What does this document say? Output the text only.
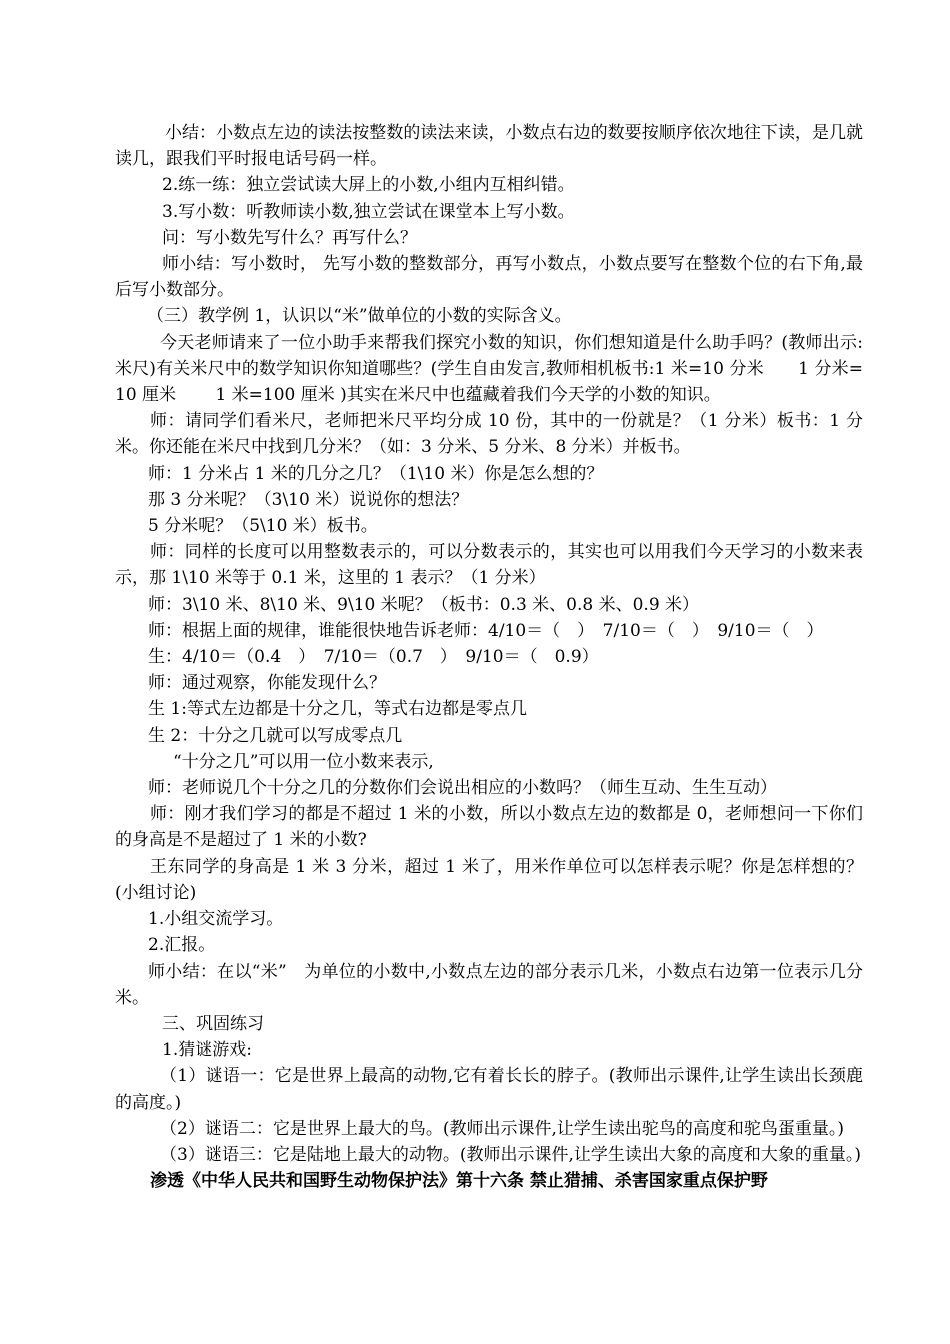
小结：小数点左边的读法按整数的读法来读，小数点右边的数要按顺序依次地往下读，是几就读几，跟我们平时报电话号码一样。

2.练一练：独立尝试读大屏上的小数,小组内互相纠错。

3.写小数：听教师读小数,独立尝试在课堂本上写小数。

问：写小数先写什么？再写什么？

师小结：写小数时， 先写小数的整数部分，再写小数点，小数点要写在整数个位的右下角,最后写小数部分。

（三）教学例 1，认识以“米”做单位的小数的实际含义。

今天老师请来了一位小助手来帮我们探究小数的知识，你们想知道是什么助手吗？(教师出示:米尺)有关米尺中的数学知识你知道哪些？(学生自由发言,教师相机板书:1 米=10 分米　　1 分米=10 厘米　　 1 米=100 厘米 )其实在米尺中也蕴藏着我们今天学的小数的知识。

师：请同学们看米尺，老师把米尺平均分成 10 份，其中的一份就是？（1 分米）板书：1 分米。你还能在米尺中找到几分米？（如：3 分米、5 分米、8 分米）并板书。

师：1 分米占 1 米的几分之几？（1\10 米）你是怎么想的？

那 3 分米呢？（3\10 米）说说你的想法？

5 分米呢？（5\10 米）板书。

师：同样的长度可以用整数表示的，可以分数表示的，其实也可以用我们今天学习的小数来表示，那 1\10 米等于 0.1 米，这里的 1 表示？（1 分米）

师：3\10 米、8\10 米、9\10 米呢？（板书：0.3 米、0.8 米、0.9 米）

师：根据上面的规律，谁能很快地告诉老师：4/10＝（　）　7/10＝（　）　9/10＝（　）

生：4/10＝（0.4　）　7/10＝（0.7　）　9/10＝（　0.9）

师：通过观察，你能发现什么？

生 1:等式左边都是十分之几，等式右边都是零点几

生 2：十分之几就可以写成零点几

“十分之几”可以用一位小数来表示,

师：老师说几个十分之几的分数你们会说出相应的小数吗？（师生互动、生生互动）

师：刚才我们学习的都是不超过 1 米的小数，所以小数点左边的数都是 0，老师想问一下你们的身高是不是超过了 1 米的小数?

王东同学的身高是 1 米 3 分米，超过 1 米了，用米作单位可以怎样表示呢？你是怎样想的？(小组讨论)

1.小组交流学习。

2.汇报。

师小结：在以“米”　为单位的小数中,小数点左边的部分表示几米，小数点右边第一位表示几分米。

三、巩固练习

1.猜谜游戏:

（1）谜语一：它是世界上最高的动物,它有着长长的脖子。(教师出示课件,让学生读出长颈鹿的高度。)

（2）谜语二：它是世界上最大的鸟。(教师出示课件,让学生读出驼鸟的高度和驼鸟蛋重量。)

（3）谜语三：它是陆地上最大的动物。(教师出示课件,让学生读出大象的高度和大象的重量。)

渗透《中华人民共和国野生动物保护法》第十六条 禁止猎捕、杀害国家重点保护野
